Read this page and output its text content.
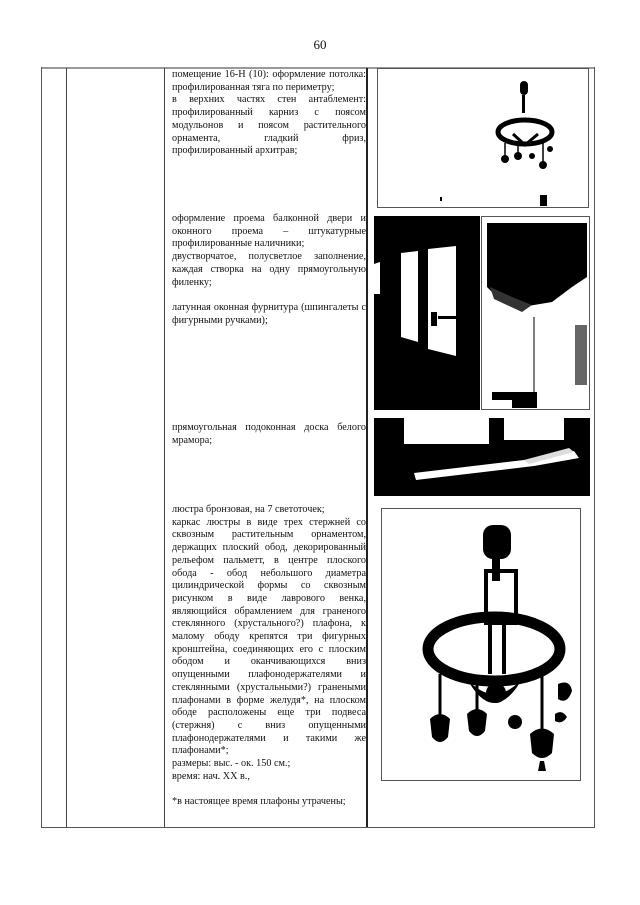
60

помещение 16-Н (10): оформление потолка: профилированная тяга по периметру;

в верхних частях стен антаблемент: профилированный карниз с поясом модульонов и поясом растительного орнамента, гладкий фриз, профилированный архитрав;

оформление проема балконной двери и оконного проема – штукатурные профилированные наличники;

двустворчатое, полусветлое заполнение, каждая створка на одну прямоугольную филенку;

латунная оконная фурнитура (шпингалеты с фигурными ручками);

прямоугольная подоконная доска белого мрамора;

люстра бронзовая, на 7 светоточек;

каркас люстры в виде трех стержней со сквозным растительным орнаментом, держащих плоский обод, декорированный рельефом пальметт, в центре плоского обода - обод небольшого диаметра цилиндрической формы со сквозным рисунком в виде лаврового венка, являющийся обрамлением для граненого стеклянного (хрустального?) плафона, к малому ободу крепятся три фигурных кронштейна, соединяющих его с плоским ободом и оканчивающихся вниз опущенными плафонодержателями и стеклянными (хрустальными?) гранеными плафонами в форме желудя*, на плоском ободе расположены еще три подвеса (стержня) с вниз опущенными плафонодержателями и такими же плафонами*;

размеры: выс. - ок. 150 см.;

время: нач. XX в.,

*в настоящее время плафоны утрачены;
